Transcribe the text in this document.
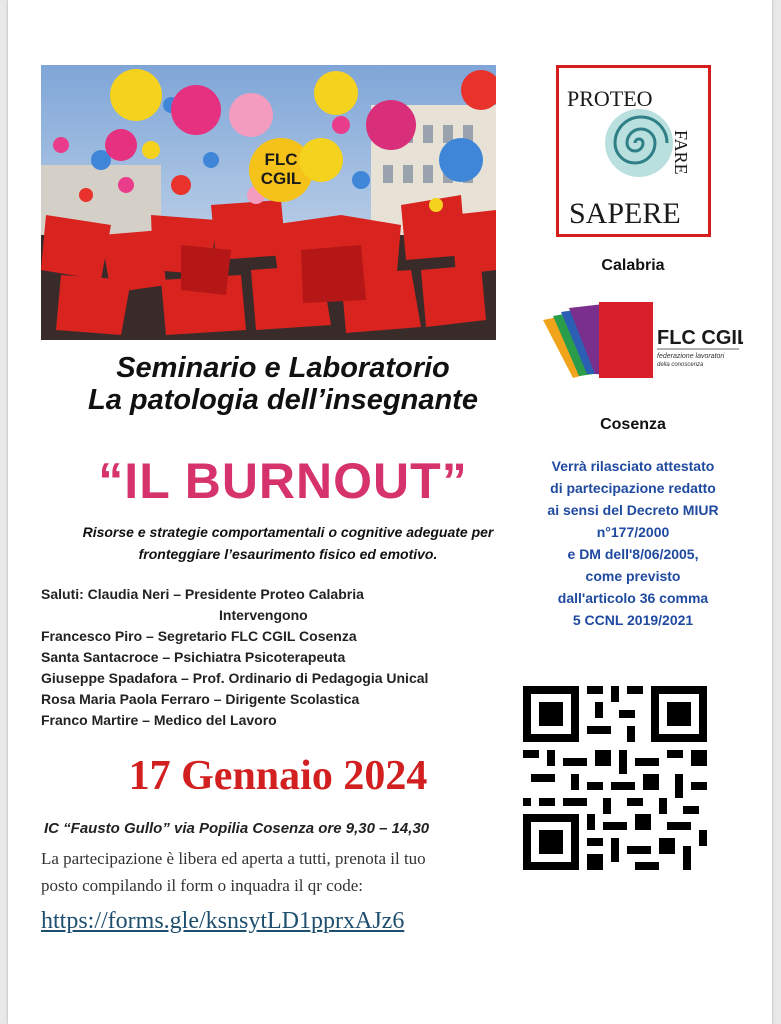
FLC
CGIL
Seminario e Laboratorio
La patologia dell’insegnante
“IL BURNOUT”
Risorse e strategie comportamentali o cognitive adeguate per
fronteggiare l’esaurimento fisico ed emotivo.
Saluti: Claudia Neri – Presidente Proteo Calabria
Intervengono
Francesco Piro – Segretario FLC CGIL Cosenza
Santa Santacroce – Psichiatra Psicoterapeuta
Giuseppe Spadafora – Prof. Ordinario di Pedagogia Unical
Rosa Maria Paola Ferraro – Dirigente Scolastica
Franco Martire – Medico del Lavoro
17 Gennaio 2024
IC “Fausto Gullo” via Popilia Cosenza ore 9,30 – 14,30
La partecipazione è libera ed aperta a tutti, prenota il tuo
posto compilando il form o inquadra il qr code:
https://forms.gle/ksnsytLD1pprxAJz6
PROTEO
FARE
SAPERE
Calabria
FLC CGIL
federazione lavoratori
della conoscenza
Cosenza
Verrà rilasciato attestato
di partecipazione redatto
ai sensi del Decreto MIUR
n°177/2000
e DM dell'8/06/2005,
come previsto
dall'articolo 36 comma
5 CCNL 2019/2021
